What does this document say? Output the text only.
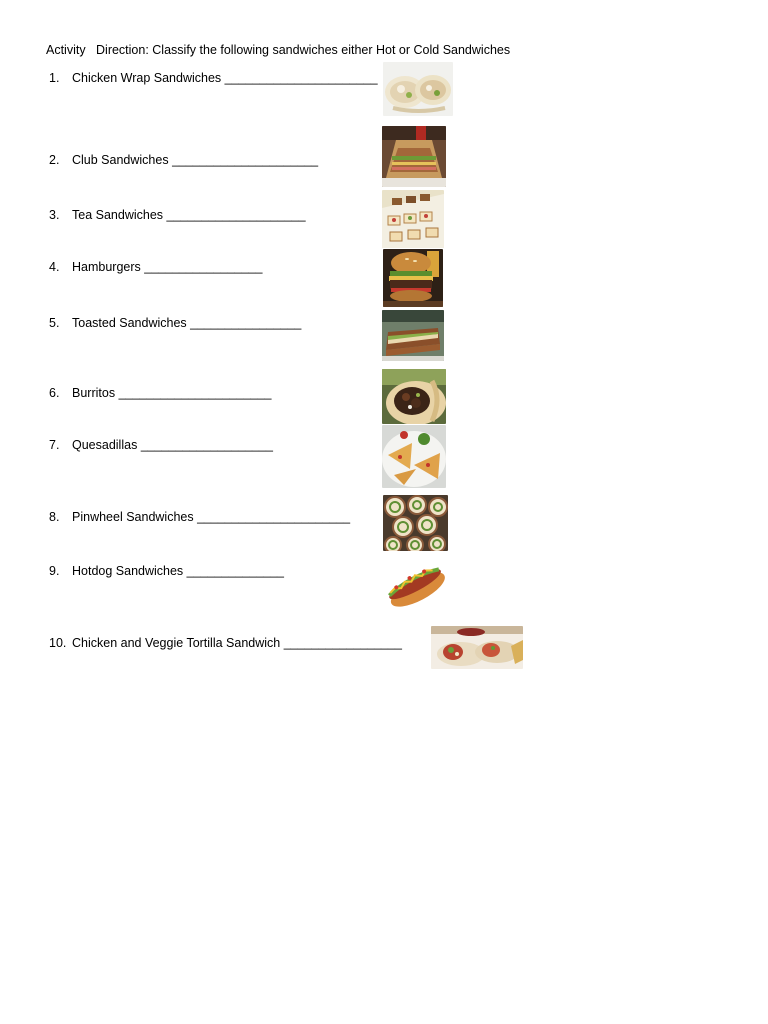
Activity Direction: Classify the following sandwiches either Hot or Cold Sandwiches
1. Chicken Wrap Sandwiches ______________________
2. Club Sandwiches _____________________
3. Tea Sandwiches ____________________
4. Hamburgers _________________
5. Toasted Sandwiches ________________
6. Burritos ______________________
7. Quesadillas ___________________
8. Pinwheel Sandwiches ______________________
9. Hotdog Sandwiches ______________
10. Chicken and Veggie Tortilla Sandwich _________________
